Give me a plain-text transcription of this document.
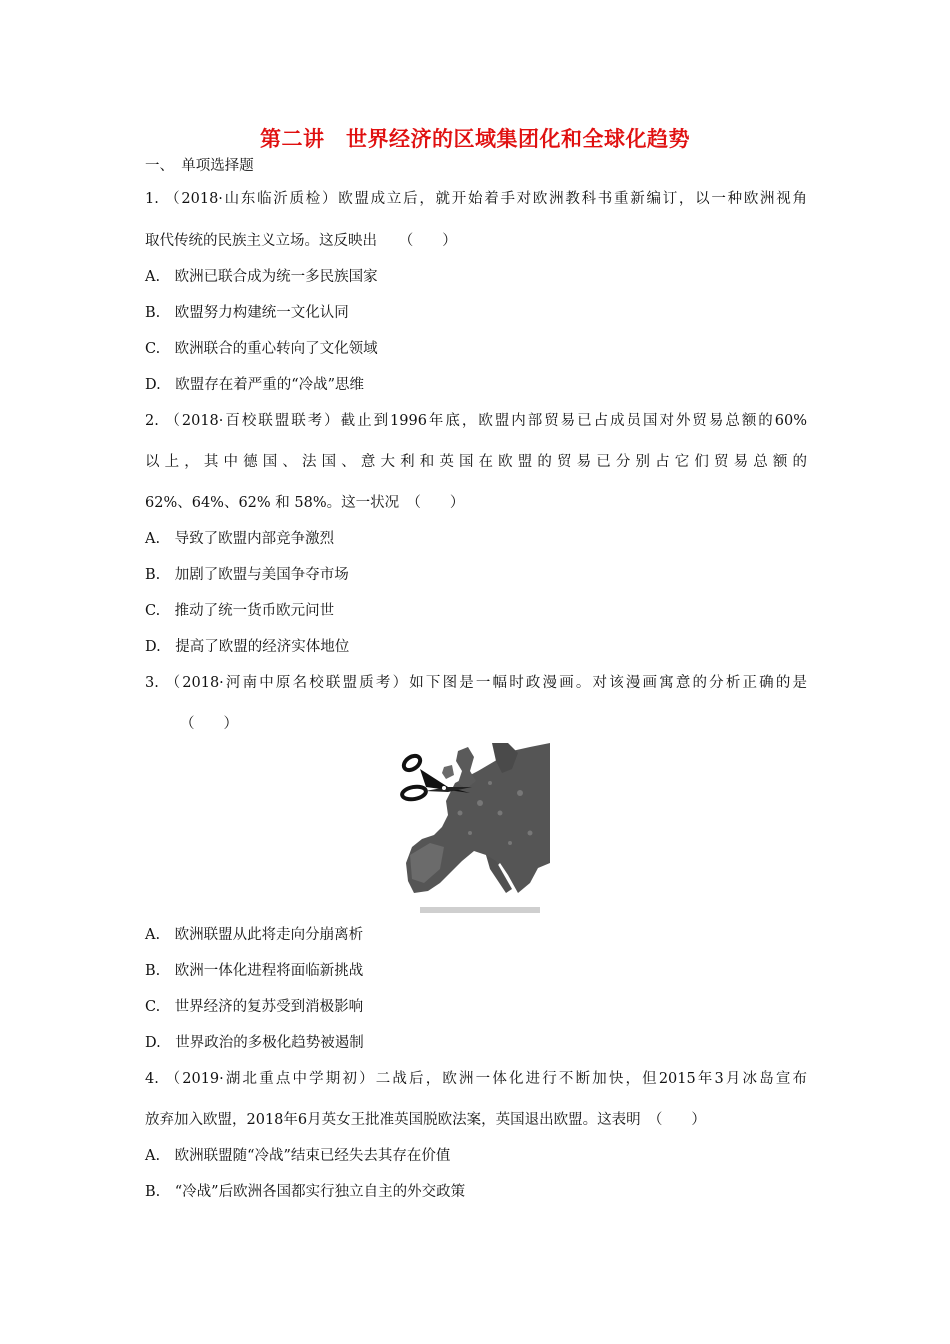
第二讲　世界经济的区域集团化和全球化趋势
一、　单项选择题
1. （2018·山东临沂质检）欧盟成立后，就开始着手对欧洲教科书重新编订，以一种欧洲视角
取代传统的民族主义立场。这反映出　　（　　）
A.　欧洲已联合成为统一多民族国家
B.　欧盟努力构建统一文化认同
C.　欧洲联合的重心转向了文化领域
D.　欧盟存在着严重的“冷战”思维
2. （2018·百校联盟联考）截止到1996年底，欧盟内部贸易已占成员国对外贸易总额的60%
以上，其中德国、法国、意大利和英国在欧盟的贸易已分别占它们贸易总额的
62%、64%、62% 和 58%。这一状况　（　　）
A.　导致了欧盟内部竞争激烈
B.　加剧了欧盟与美国争夺市场
C.　推动了统一货币欧元问世
D.　提高了欧盟的经济实体地位
3. （2018·河南中原名校联盟质考）如下图是一幅时政漫画。对该漫画寓意的分析正确的是
（　　）
A.　欧洲联盟从此将走向分崩离析
B.　欧洲一体化进程将面临新挑战
C.　世界经济的复苏受到消极影响
D.　世界政治的多极化趋势被遏制
4. （2019·湖北重点中学期初）二战后，欧洲一体化进行不断加快，但2015年3月冰岛宣布
放弃加入欧盟，2018年6月英女王批准英国脱欧法案，英国退出欧盟。这表明　（　　）
A.　欧洲联盟随“冷战”结束已经失去其存在价值
B.　“冷战”后欧洲各国都实行独立自主的外交政策
